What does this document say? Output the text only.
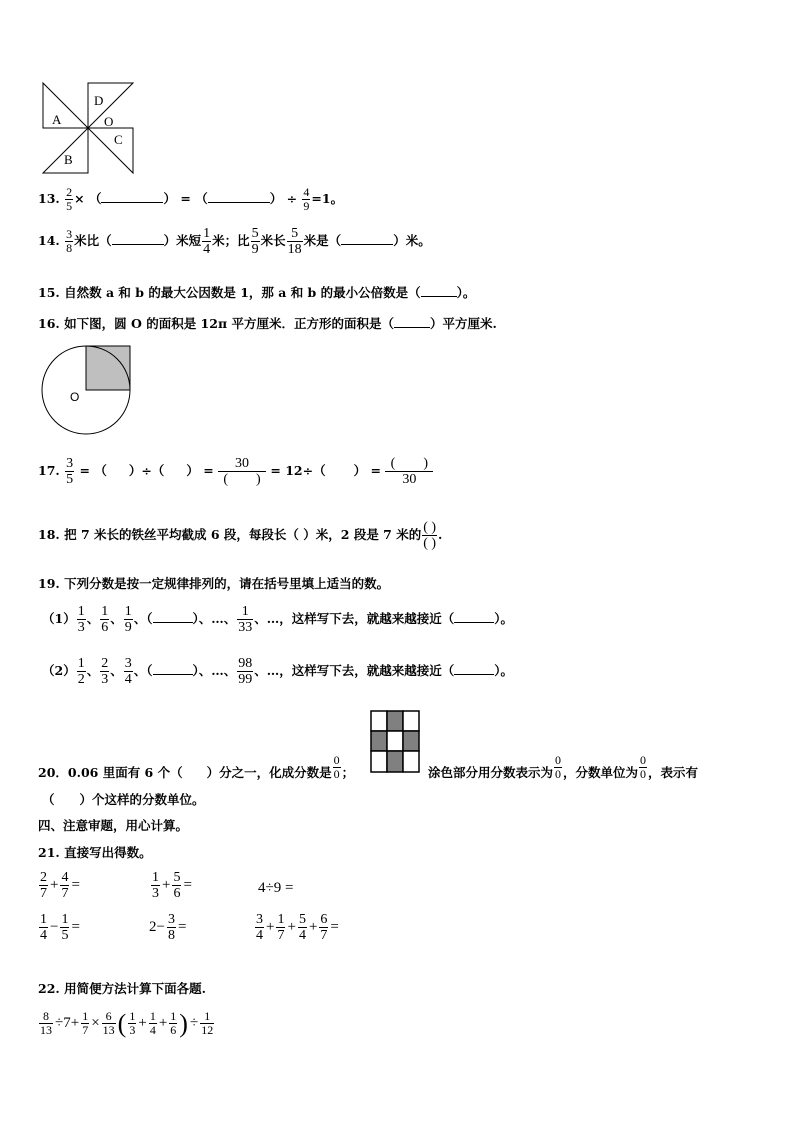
A
B
C
D
O
13. $\frac{2}{5}$ × （	） = （	） ÷ $\frac{4}{9} =1$。
14. $\frac{3}{8}$ 米比（	）米短 $\frac{1}{4}$ 米；比 $\frac{5}{9}$ 米长 $\frac{5}{18}$ 米是（	）米。
15. 自然数 a 和 b 的最大公因数是 1，那 a 和 b 的最小公倍数是（	）。
16. 如下图，圆 O 的面积是 12π 平方厘米．正方形的面积是（	）平方厘米.
O
17. $\frac{3}{5}$ = （ ）÷（ ） = $\frac{30}{( )} = 12\div$（ ） = $\frac{( )}{30}$
18. 把 7 米长的铁丝平均截成 6 段，每段长（ ）米，2 段是 7 米的 $\frac{( )}{( )}$ .
19. 下列分数是按一定规律排列的，请在括号里填上适当的数。
$(1) \frac{1}{3}$ 、 $\frac{1}{6}$ 、 $\frac{1}{9}$ 、（	）、…、 $\frac{1}{33}$ 、…，这样写下去，就越来越接近（	）。
$(2) \frac{1}{2}$ 、 $\frac{2}{3}$ 、 $\frac{3}{4}$ 、（	）、…、 $\frac{98}{99}$ 、…，这样写下去，就越来越接近（	）。
20．0.06 里面有 6 个（ ）分之一，化成分数是 $\frac{0}{0}$ ；	涂色部分用分数表示为 $\frac{0}{0}$ ，分数单位为 $\frac{0}{0}$ ，表示有
（　　）个这样的分数单位。
四、注意审题，用心计算。
21. 直接写出得数。
$\frac{2}{7} + \frac{4}{7}$ =	$\frac{1}{3} + \frac{5}{6}$ =	4÷9 =
$\frac{1}{4} - \frac{1}{5}$ =	$2- \frac{3}{8}$ =	$\frac{3}{4} + \frac{1}{7} + \frac{5}{4} + \frac{6}{7}$ =
22. 用简便方法计算下面各题.
$\frac{8}{13} \div 7+ \frac{1}{7} \times \frac{6}{13}$ ( $\frac{1}{3} + \frac{1}{4} + \frac{1}{6}$ ) ÷ $\frac{1}{12}$
